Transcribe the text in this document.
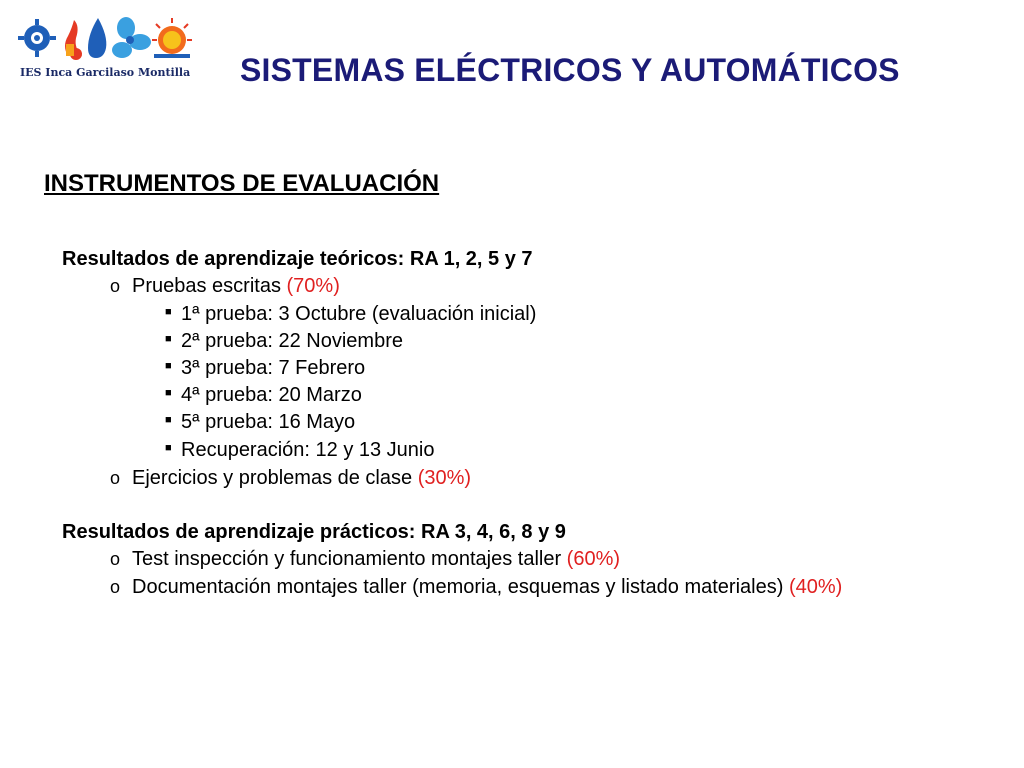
IES Inca Garcilaso Montilla SISTEMAS ELÉCTRICOS Y AUTOMÁTICOS
INSTRUMENTOS DE EVALUACIÓN
Resultados de aprendizaje teóricos: RA 1, 2, 5 y 7
o Pruebas escritas (70%)
■ 1ª prueba: 3 Octubre (evaluación inicial)
■ 2ª prueba: 22 Noviembre
■ 3ª prueba: 7 Febrero
■ 4ª prueba: 20 Marzo
■ 5ª prueba: 16 Mayo
■ Recuperación: 12 y 13 Junio
o Ejercicios y problemas de clase (30%)
Resultados de aprendizaje prácticos: RA 3, 4, 6, 8 y 9
o Test inspección y funcionamiento montajes taller (60%)
o Documentación montajes taller (memoria, esquemas y listado materiales) (40%)
